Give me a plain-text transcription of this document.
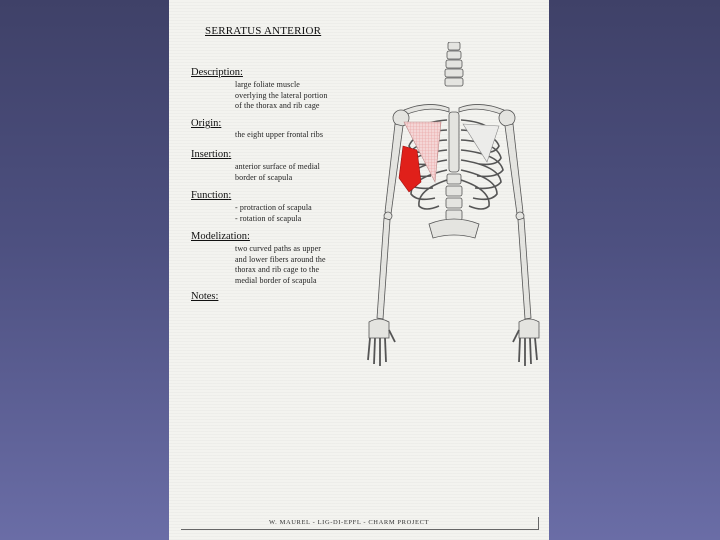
SERRATUS ANTERIOR
Description:
large foliate muscle
overlying the lateral portion
of the thorax and rib cage
Origin:
the eight upper frontal ribs
Insertion:
anterior surface of medial
border of scapula
Function:
- protraction of scapula
- rotation of scapula
Modelization:
two curved paths as upper
and lower fibers around the
thorax and rib cage to the
medial border of scapula
Notes:
W. MAUREL - LIG-DI-EPFL - CHARM PROJECT
